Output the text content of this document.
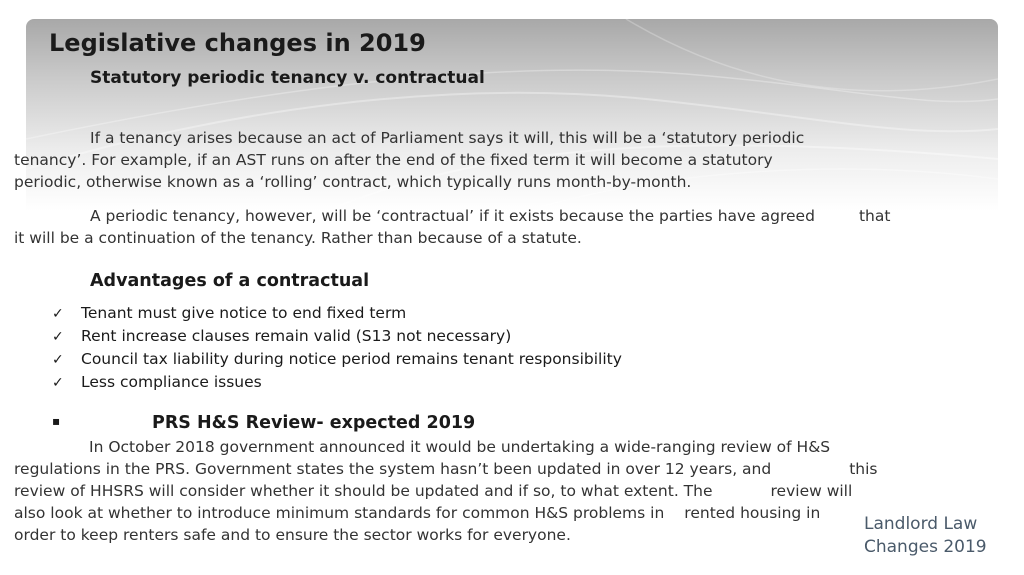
Legislative changes in 2019
Statutory periodic tenancy v. contractual
If a tenancy arises because an act of Parliament says it will, this will be a ‘statutory periodic
tenancy’. For example, if an AST runs on after the end of the fixed term it will become a statutory
periodic, otherwise known as a ‘rolling’ contract, which typically runs month-by-month.
A periodic tenancy, however, will be ‘contractual’ if it exists because the parties have agreed	that
it will be a continuation of the tenancy. Rather than because of a statute.
Advantages of a contractual
✓ Tenant must give notice to end fixed term
✓ Rent increase clauses remain valid (S13 not necessary)
✓ Council tax liability during notice period remains tenant responsibility
✓ Less compliance issues
▪	PRS H&S Review- expected 2019
In October 2018 government announced it would be undertaking a wide-ranging review of H&S
regulations in the PRS. Government states the system hasn’t been updated in over 12 years, and	this
review of HHSRS will consider whether it should be updated and if so, to what extent. The	review will
also look at whether to introduce minimum standards for common H&S problems in rented housing in
order to keep renters safe and to ensure the sector works for everyone.
Landlord Law
Changes 2019
